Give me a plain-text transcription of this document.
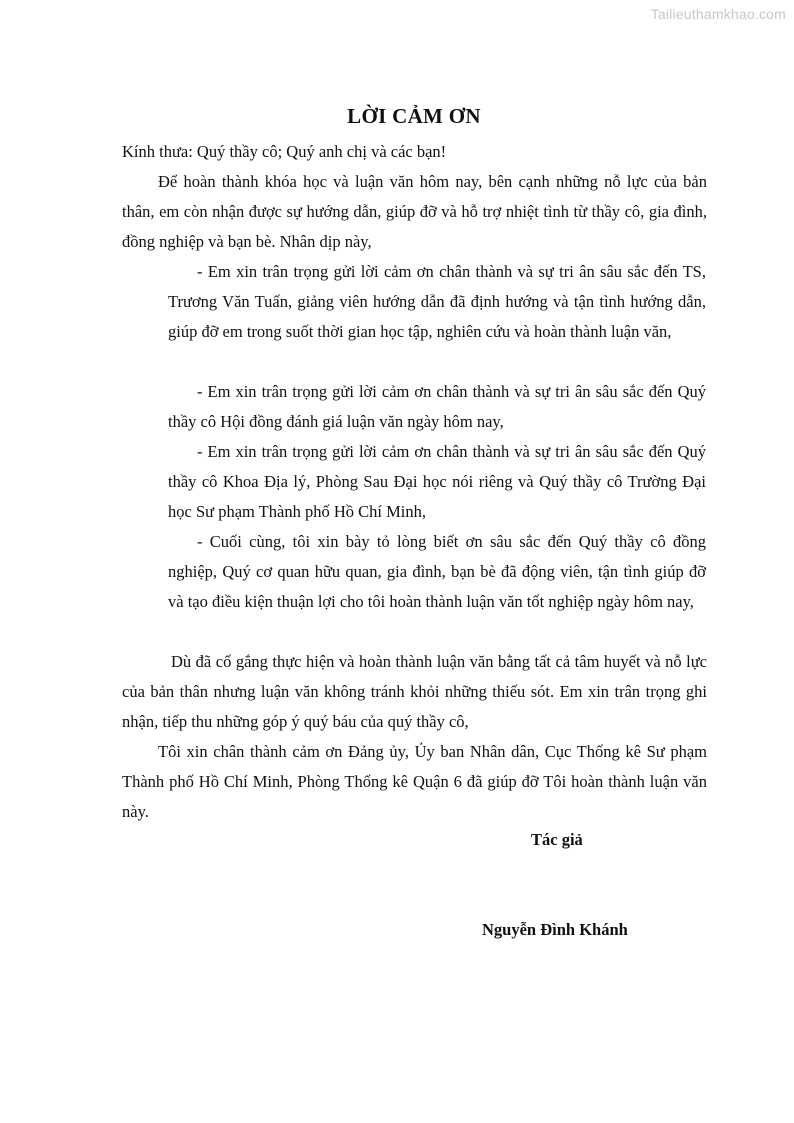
Tailieuthamkhao.com
LỜI CẢM ƠN
Kính thưa: Quý thầy cô; Quý anh chị và các bạn!
Để hoàn thành khóa học và luận văn hôm nay, bên cạnh những nỗ lực của bản thân, em còn nhận được sự hướng dẫn, giúp đỡ và hỗ trợ nhiệt tình từ thầy cô, gia đình, đồng nghiệp và bạn bè. Nhân dịp này,
- Em xin trân trọng gửi lời cảm ơn chân thành và sự tri ân sâu sắc đến TS, Trương Văn Tuấn, giảng viên hướng dẫn đã định hướng và tận tình hướng dẫn, giúp đỡ em trong suốt thời gian học tập, nghiên cứu và hoàn thành luận văn,
- Em xin trân trọng gửi lời cảm ơn chân thành và sự tri ân sâu sắc đến Quý thầy cô Hội đồng đánh giá luận văn ngày hôm nay,
- Em xin trân trọng gửi lời cảm ơn chân thành và sự tri ân sâu sắc đến Quý thầy cô Khoa Địa lý, Phòng Sau Đại học nói riêng và Quý thầy cô Trường Đại học Sư phạm Thành phố Hồ Chí Minh,
- Cuối cùng, tôi xin bày tỏ lòng biết ơn sâu sắc đến Quý thầy cô đồng nghiệp, Quý cơ quan hữu quan, gia đình, bạn bè đã động viên, tận tình giúp đỡ và tạo điều kiện thuận lợi cho tôi hoàn thành luận văn tốt nghiệp ngày hôm nay,
Dù đã cố gắng thực hiện và hoàn thành luận văn bằng tất cả tâm huyết và nỗ lực của bản thân nhưng luận văn không tránh khỏi những thiếu sót. Em xin trân trọng ghi nhận, tiếp thu những góp ý quý báu của quý thầy cô,
Tôi xin chân thành cảm ơn Đảng ủy, Ủy ban Nhân dân, Cục Thống kê Sư phạm Thành phố Hồ Chí Minh, Phòng Thống kê Quận 6 đã giúp đỡ Tôi hoàn thành luận văn này.
Tác giả
Nguyễn Đình Khánh
